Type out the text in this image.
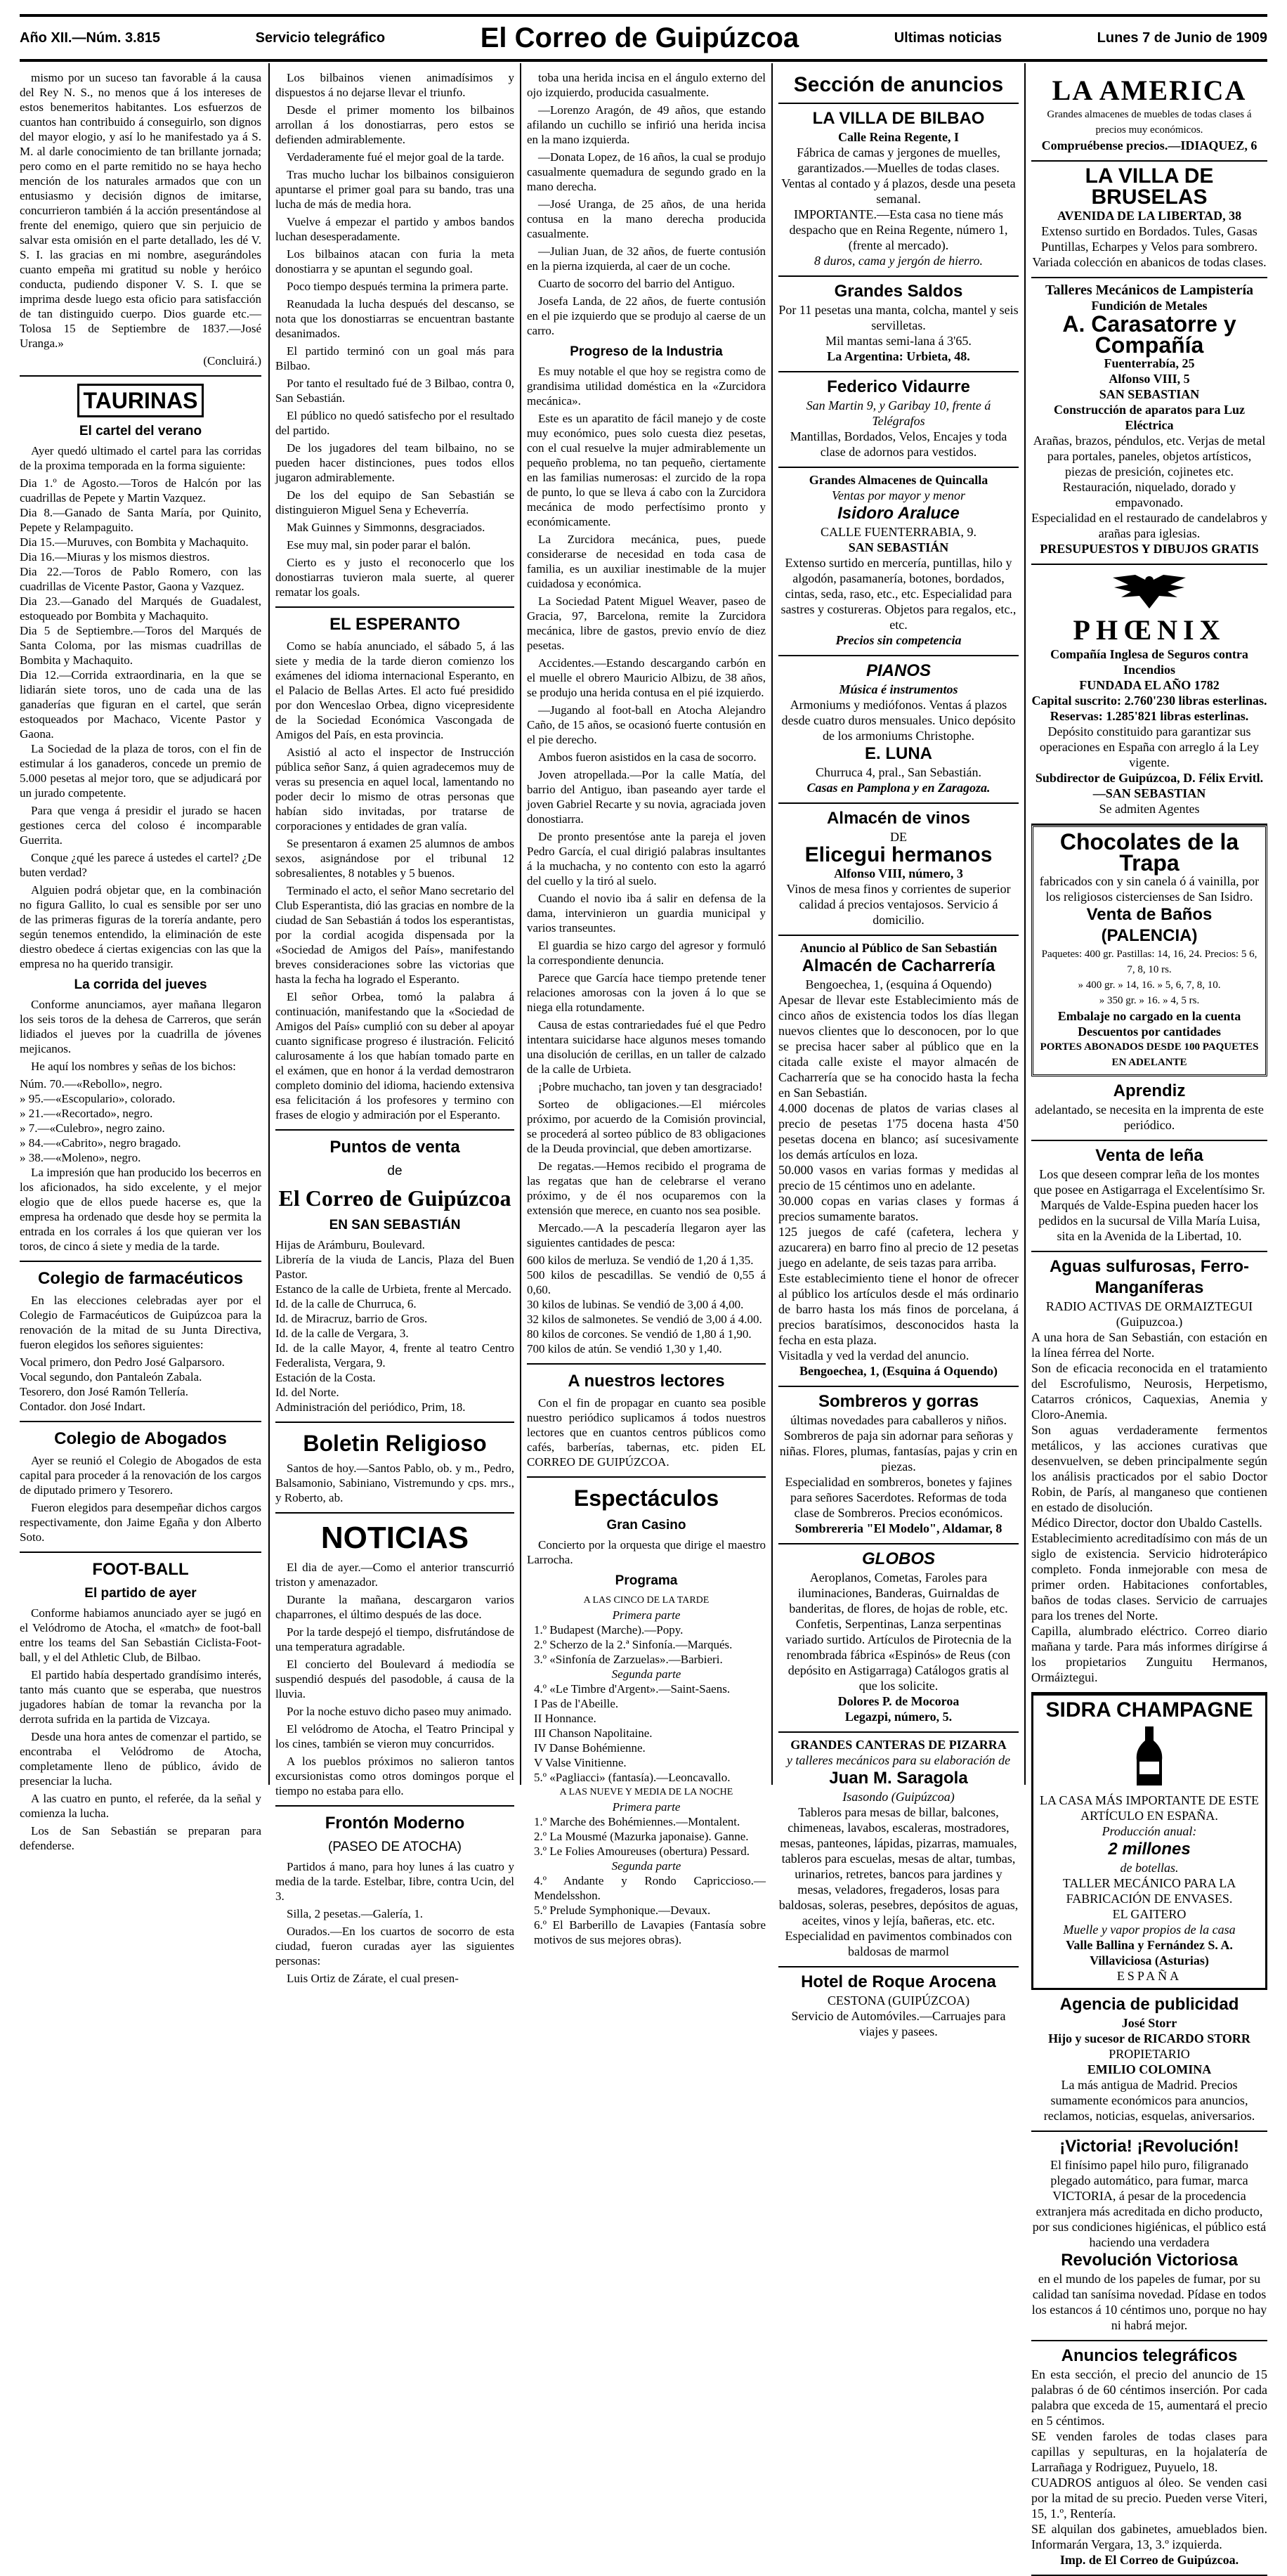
Año XII.—Núm. 3.815	Servicio telegráfico	El Correo de Guipúzcoa	Ultimas noticias	Lunes 7 de Junio de 1909

mismo por un suceso tan favorable á la causa del Rey N. S., no menos que á los intereses de estos benemeritos habitantes. Los esfuerzos de cuantos han contribuido á conseguirlo, son dignos del mayor elogio, y así lo he manifestado ya á S. M. al darle conocimiento de tan brillante jornada; pero como en el parte remitido no se haya hecho mención de los naturales armados que con un entusiasmo y decisión dignos de imitarse, concurrieron también á la acción presentándose al frente del enemigo, quiero que sin perjuicio de salvar esta omisión en el parte detallado, les dé V. S. I. las gracias en mi nombre, asegurándoles cuanto empeña mi gratitud su noble y heróico conducta, pudiendo disponer V. S. I. que se imprima desde luego esta oficio para satisfacción de tan distinguido cuerpo. Dios guarde etc.—Tolosa 15 de Septiembre de 1837.—José Uranga.»

(Concluirá.)

TAURINAS
El cartel del verano

Ayer quedó ultimado el cartel para las corridas de la proxima temporada en la forma siguiente:

Dia 1.º de Agosto.—Toros de Halcón por las cuadrillas de Pepete y Martin Vazquez.
Dia 8.—Ganado de Santa María, por Quinito, Pepete y Relampaguito.
Dia 15.—Muruves, con Bombita y Machaquito.
Dia 16.—Miuras y los mismos diestros.
Dia 22.—Toros de Pablo Romero, con las cuadrillas de Vicente Pastor, Gaona y Vazquez.
Dia 23.—Ganado del Marqués de Guadalest, estoqueado por Bombita y Machaquito.
Dia 5 de Septiembre.—Toros del Marqués de Santa Coloma, por las mismas cuadrillas de Bombita y Machaquito.
Dia 12.—Corrida extraordinaria, en la que se lidiarán siete toros, uno de cada una de las ganaderías que figuran en el cartel, que serán estoqueados por Machaco, Vicente Pastor y Gaona.

La Sociedad de la plaza de toros, con el fin de estimular á los ganaderos, concede un premio de 5.000 pesetas al mejor toro, que se adjudicará por un jurado competente.

Para que venga á presidir el jurado se hacen gestiones cerca del coloso é incomparable Guerrita.

Conque ¿qué les parece á ustedes el cartel? ¿De buten verdad?

Alguien podrá objetar que, en la combinación no figura Gallito, lo cual es sensible por ser uno de las primeras figuras de la torería andante, pero según tenemos entendido, la eliminación de este diestro obedece á ciertas exigencias con las que la empresa no ha querido transigir.

La corrida del jueves

Conforme anunciamos, ayer mañana llegaron los seis toros de la dehesa de Carreros, que serán lidiados el jueves por la cuadrilla de jóvenes mejicanos.

He aquí los nombres y señas de los bichos:

Núm. 70.—«Rebollo», negro.
» 95.—«Escopulario», colorado.
» 21.—«Recortado», negro.
» 7.—«Culebro», negro zaino.
» 84.—«Cabrito», negro bragado.
» 38.—«Moleno», negro.

La impresión que han producido los becerros en los aficionados, ha sido excelente, y el mejor elogio que de ellos puede hacerse es, que la empresa ha ordenado que desde hoy se permita la entrada en los corrales á los que quieran ver los toros, de cinco á siete y media de la tarde.

Colegio de farmacéuticos

En las elecciones celebradas ayer por el Colegio de Farmacéuticos de Guipúzcoa para la renovación de la mitad de su Junta Directiva, fueron elegidos los señores siguientes:

Vocal primero, don Pedro José Galparsoro.
Vocal segundo, don Pantaleón Zabala.
Tesorero, don José Ramón Tellería.
Contador. don José Indart.
Colegio de Abogados

Ayer se reunió el Colegio de Abogados de esta capital para proceder á la renovación de los cargos de diputado primero y Tesorero.

Fueron elegidos para desempeñar dichos cargos respectivamente, don Jaime Egaña y don Alberto Soto.

FOOT-BALL
El partido de ayer

Conforme habiamos anunciado ayer se jugó en el Velódromo de Atocha, el «match» de foot-ball entre los teams del San Sebastián Ciclista-Foot-ball, y el del Athletic Club, de Bilbao.

El partido había despertado grandísimo interés, tanto más cuanto que se esperaba, que nuestros jugadores habían de tomar la revancha por la derrota sufrida en la partida de Vizcaya.

Desde una hora antes de comenzar el partido, se encontraba el Velódromo de Atocha, completamente lleno de público, ávido de presenciar la lucha.

A las cuatro en punto, el referée, da la señal y comienza la lucha.

Los de San Sebastián se preparan para defenderse.

Los bilbainos vienen animadísimos y dispuestos á no dejarse llevar el triunfo.

Desde el primer momento los bilbainos arrollan á los donostiarras, pero estos se defienden admirablemente.

Verdaderamente fué el mejor goal de la tarde.

Tras mucho luchar los bilbainos consiguieron apuntarse el primer goal para su bando, tras una lucha de más de media hora.

Vuelve á empezar el partido y ambos bandos luchan desesperadamente.

Los bilbainos atacan con furia la meta donostiarra y se apuntan el segundo goal.

Poco tiempo después termina la primera parte.

Reanudada la lucha después del descanso, se nota que los donostiarras se encuentran bastante desanimados.

El partido terminó con un goal más para Bilbao.

Por tanto el resultado fué de 3 Bilbao, contra 0, San Sebastián.

El público no quedó satisfecho por el resultado del partido.

De los jugadores del team bilbaino, no se pueden hacer distinciones, pues todos ellos jugaron admirablemente.

De los del equipo de San Sebastián se distinguieron Miguel Sena y Echeverría.

Mak Guinnes y Simmonns, desgraciados.

Ese muy mal, sin poder parar el balón.

Cierto es y justo el reconocerlo que los donostiarras tuvieron mala suerte, al querer rematar los goals.

EL ESPERANTO

Como se había anunciado, el sábado 5, á las siete y media de la tarde dieron comienzo los exámenes del idioma internacional Esperanto, en el Palacio de Bellas Artes. El acto fué presidido por don Wenceslao Orbea, digno vicepresidente de la Sociedad Económica Vascongada de Amigos del País, en esta provincia.

Asistió al acto el inspector de Instrucción pública señor Sanz, á quien agradecemos muy de veras su presencia en aquel local, lamentando no poder decir lo mismo de otras personas que habían sido invitadas, por tratarse de corporaciones y entidades de gran valía.

Se presentaron á examen 25 alumnos de ambos sexos, asignándose por el tribunal 12 sobresalientes, 8 notables y 5 buenos.

Terminado el acto, el señor Mano secretario del Club Esperantista, dió las gracias en nombre de la ciudad de San Sebastián á todos los esperantistas, por la cordial acogida dispensada por la «Sociedad de Amigos del País», manifestando breves consideraciones sobre las victorias que hasta la fecha ha logrado el Esperanto.

El señor Orbea, tomó la palabra á continuación, manifestando que la «Sociedad de Amigos del País» cumplió con su deber al apoyar cuanto significase progreso é ilustración. Felicitó calurosamente á los que habían tomado parte en el exámen, que en honor á la verdad demostraron completo dominio del idioma, haciendo extensiva esa felicitación á los profesores y termino con frases de elogio y admiración por el Esperanto.

Puntos de venta
de
El Correo de Guipúzcoa
EN SAN SEBASTIÁN
Hijas de Arámburu, Boulevard.
Librería de la viuda de Lancis, Plaza del Buen Pastor.
Estanco de la calle de Urbieta, frente al Mercado.
Id. de la calle de Churruca, 6.
Id. de Miracruz, barrio de Gros.
Id. de la calle de Vergara, 3.
Id. de la calle Mayor, 4, frente al teatro Centro Federalista, Vergara, 9.
Estación de la Costa.
Id. del Norte.
Administración del periódico, Prim, 18.
Boletin Religioso

Santos de hoy.—Santos Pablo, ob. y m., Pedro, Balsamonio, Sabiniano, Vistremundo y cps. mrs., y Roberto, ab.

NOTICIAS

El dia de ayer.—Como el anterior transcurrió triston y amenazador.

Durante la mañana, descargaron varios chaparrones, el último después de las doce.

Por la tarde despejó el tiempo, disfrutándose de una temperatura agradable.

El concierto del Boulevard á mediodía se suspendió después del pasodoble, á causa de la lluvia.

Por la noche estuvo dicho paseo muy animado.

El velódromo de Atocha, el Teatro Principal y los cines, también se vieron muy concurridos.

A los pueblos próximos no salieron tantos excursionistas como otros domingos porque el tiempo no estaba para ello.

Frontón Moderno
(PASEO DE ATOCHA)

Partidos á mano, para hoy lunes á las cuatro y media de la tarde. Estelbar, Iibre, contra Ucin, del 3.

Silla, 2 pesetas.—Galería, 1.

Ourados.—En los cuartos de socorro de esta ciudad, fueron curadas ayer las siguientes personas:

Luis Ortiz de Zárate, el cual presen-

toba una herida incisa en el ángulo externo del ojo izquierdo, producida casualmente.

—Lorenzo Aragón, de 49 años, que estando afilando un cuchillo se infirió una herida incisa en la mano izquierda.

—Donata Lopez, de 16 años, la cual se produjo casualmente quemadura de segundo grado en la mano derecha.

—José Uranga, de 25 años, de una herida contusa en la mano derecha producida casualmente.

—Julian Juan, de 32 años, de fuerte contusión en la pierna izquierda, al caer de un coche.

Cuarto de socorro del barrio del Antiguo.

Josefa Landa, de 22 años, de fuerte contusión en el pie izquierdo que se produjo al caerse de un carro.

Progreso de la Industria

Es muy notable el que hoy se registra como de grandisima utilidad doméstica en la «Zurcidora mecánica».

Este es un aparatito de fácil manejo y de coste muy económico, pues solo cuesta diez pesetas, con el cual resuelve la mujer admirablemente un pequeño problema, no tan pequeño, ciertamente en las familias numerosas: el zurcido de la ropa de punto, lo que se lleva á cabo con la Zurcidora mecánica de modo perfectísimo pronto y económicamente.

La Zurcidora mecánica, pues, puede considerarse de necesidad en toda casa de familia, es un auxiliar inestimable de la mujer cuidadosa y económica.

La Sociedad Patent Miguel Weaver, paseo de Gracia, 97, Barcelona, remite la Zurcidora mecánica, libre de gastos, previo envío de diez pesetas.

Accidentes.—Estando descargando carbón en el muelle el obrero Mauricio Albizu, de 38 años, se produjo una herida contusa en el pié izquierdo.

—Jugando al foot-ball en Atocha Alejandro Caño, de 15 años, se ocasionó fuerte contusión en el pie derecho.

Ambos fueron asistidos en la casa de socorro.

Joven atropellada.—Por la calle Matía, del barrio del Antiguo, iban paseando ayer tarde el joven Gabriel Recarte y su novia, agraciada joven donostiarra.

De pronto presentóse ante la pareja el joven Pedro García, el cual dirigió palabras insultantes á la muchacha, y no contento con esto la agarró del cuello y la tiró al suelo.

Cuando el novio iba á salir en defensa de la dama, intervinieron un guardia municipal y varios transeuntes.

El guardia se hizo cargo del agresor y formuló la correspondiente denuncia.

Parece que García hace tiempo pretende tener relaciones amorosas con la joven á lo que se niega ella rotundamente.

Causa de estas contrariedades fué el que Pedro intentara suicidarse hace algunos meses tomando una disolución de cerillas, en un taller de calzado de la calle de Urbieta.

¡Pobre muchacho, tan joven y tan desgraciado!

Sorteo de obligaciones.—El miércoles próximo, por acuerdo de la Comisión provincial, se procederá al sorteo público de 83 obligaciones de la Deuda provincial, que deben amortizarse.

De regatas.—Hemos recibido el programa de las regatas que han de celebrarse el verano próximo, y de él nos ocuparemos con la extensión que merece, en cuanto nos sea posible.

Mercado.—A la pescadería llegaron ayer las siguientes cantidades de pesca:

600 kilos de merluza. Se vendió de 1,20 á 1,35.
500 kilos de pescadillas. Se vendió de 0,55 á 0,60.
30 kilos de lubinas. Se vendió de 3,00 á 4,00.
32 kilos de salmonetes. Se vendió de 3,00 á 4.00.
80 kilos de corcones. Se vendió de 1,80 á 1,90.
700 kilos de atún. Se vendió 1,30 y 1,40.
A nuestros lectores

Con el fin de propagar en cuanto sea posible nuestro periódico suplicamos á todos nuestros lectores que en cuantos centros públicos como cafés, barberías, tabernas, etc. piden EL CORREO DE GUIPÚZCOA.

Espectáculos
Gran Casino

Concierto por la orquesta que dirige el maestro Larrocha.

Programa
A LAS CINCO DE LA TARDE
Primera parte
1.º Budapest (Marche).—Popy.
2.º Scherzo de la 2.ª Sinfonía.—Marqués.
3.º «Sinfonía de Zarzuelas».—Barbieri.
Segunda parte
4.º «Le Timbre d'Argent».—Saint-Saens.
I Pas de l'Abeille.
II Honnance.
III Chanson Napolitaine.
IV Danse Bohémienne.
V Valse Vinitienne.
5.º «Pagliacci» (fantasía).—Leoncavallo.
A LAS NUEVE Y MEDIA DE LA NOCHE
Primera parte
1.º Marche des Bohémiennes.—Montalent.
2.º La Mousmé (Mazurka japonaise). Ganne.
3.º Le Folies Amoureuses (obertura) Pessard.
Segunda parte
4.º Andante y Rondo Capriccioso.—Mendelsshon.
5.º Prelude Symphonique.—Devaux.
6.º El Barberillo de Lavapies (Fantasía sobre motivos de sus mejores obras).
Sección de anuncios
LA VILLA DE BILBAO
Calle Reina Regente, I
Fábrica de camas y jergones de muelles, garantizados.—Muelles de todas clases.
Ventas al contado y á plazos, desde una peseta semanal.
IMPORTANTE.—Esta casa no tiene más despacho que en Reina Regente, número 1, (frente al mercado).
8 duros, cama y jergón de hierro.
Grandes Saldos
Por 11 pesetas una manta, colcha, mantel y seis servilletas.
Mil mantas semi-lana á 3'65.
La Argentina: Urbieta, 48.
Federico Vidaurre
San Martin 9, y Garibay 10, frente á Telégrafos
Mantillas, Bordados, Velos, Encajes y toda clase de adornos para vestidos.
Grandes Almacenes de Quincalla
Ventas por mayor y menor
Isidoro Araluce
CALLE FUENTERRABIA, 9.
SAN SEBASTIÁN
Extenso surtido en mercería, puntillas, hilo y algodón, pasamanería, botones, bordados, cintas, seda, raso, etc., etc. Especialidad para sastres y costureras. Objetos para regalos, etc., etc.
Precios sin competencia
PIANOS
Música é instrumentos
Armoniums y mediófonos. Ventas á plazos desde cuatro duros mensuales. Unico depósito de los armoniums Christophe.
E. LUNA
Churruca 4, pral., San Sebastián.
Casas en Pamplona y en Zaragoza.
Almacén de vinos
DE
Elicegui hermanos
Alfonso VIII, número, 3
Vinos de mesa finos y corrientes de superior calidad á precios ventajosos. Servicio á domicilio.
Anuncio al Público de San Sebastián
Almacén de Cacharrería
Bengoechea, 1, (esquina á Oquendo)
Apesar de llevar este Establecimiento más de cinco años de existencia todos los días llegan nuevos clientes que lo desconocen, por lo que se precisa hacer saber al público que en la citada calle existe el mayor almacén de Cacharrería que se ha conocido hasta la fecha en San Sebastián.
4.000 docenas de platos de varias clases al precio de pesetas 1'75 docena hasta 4'50 pesetas docena en blanco; así sucesivamente los demás artículos en loza.
50.000 vasos en varias formas y medidas al precio de 15 céntimos uno en adelante.
30.000 copas en varias clases y formas á precios sumamente baratos.
125 juegos de café (cafetera, lechera y azucarera) en barro fino al precio de 12 pesetas juego en adelante, de seis tazas para arriba.
Este establecimiento tiene el honor de ofrecer al público los artículos desde el más ordinario de barro hasta los más finos de porcelana, á precios baratísimos, desconocidos hasta la fecha en esta plaza.
Visitadla y ved la verdad del anuncio.
Bengoechea, 1, (Esquina á Oquendo)
Sombreros y gorras
últimas novedades para caballeros y niños. Sombreros de paja sin adornar para señoras y niñas. Flores, plumas, fantasías, pajas y crin en piezas.
Especialidad en sombreros, bonetes y fajines para señores Sacerdotes. Reformas de toda clase de Sombreros. Precios económicos.
Sombrereria "El Modelo", Aldamar, 8
GLOBOS
Aeroplanos, Cometas, Faroles para iluminaciones, Banderas, Guirnaldas de banderitas, de flores, de hojas de roble, etc. Confetis, Serpentinas, Lanza serpentinas variado surtido. Artículos de Pirotecnia de la renombrada fábrica «Espinós» de Reus (con depósito en Astigarraga) Catálogos gratis al que los solicite.
Dolores P. de Mocoroa
Legazpi, número, 5.
GRANDES CANTERAS DE PIZARRA
y talleres mecánicos para su elaboración de
Juan M. Saragola
Isasondo (Guipúzcoa)
Tableros para mesas de billar, balcones, chimeneas, lavabos, escaleras, mostradores, mesas, panteones, lápidas, pizarras, mamuales, tableros para escuelas, mesas de altar, tumbas, urinarios, retretes, bancos para jardines y mesas, veladores, fregaderos, losas para baldosas, soleras, pesebres, depósitos de aguas, aceites, vinos y lejía, bañeras, etc. etc. Especialidad en pavimentos combinados con baldosas de marmol
Hotel de Roque Arocena
CESTONA (GUIPÚZCOA)
Servicio de Automóviles.—Carruajes para viajes y pasees.
LA AMERICA
Grandes almacenes de muebles de todas clases á precios muy económicos.
Compruébense precios.—IDIAQUEZ, 6
LA VILLA DE BRUSELAS
AVENIDA DE LA LIBERTAD, 38
Extenso surtido en Bordados. Tules, Gasas Puntillas, Echarpes y Velos para sombrero.
Variada colección en abanicos de todas clases.
Talleres Mecánicos de Lampistería
Fundición de Metales
A. Carasatorre y Compañía
Fuenterrabía, 25
Alfonso VIII, 5
SAN SEBASTIAN
Construcción de aparatos para Luz Eléctrica
Arañas, brazos, péndulos, etc. Verjas de metal para portales, paneles, objetos artísticos, piezas de presición, cojinetes etc.
Restauración, niquelado, dorado y empavonado.
Especialidad en el restaurado de candelabros y arañas para iglesias.
PRESUPUESTOS Y DIBUJOS GRATIS
PHŒNIX
Compañía Inglesa de Seguros contra Incendios
FUNDADA EL AÑO 1782
Capital suscrito: 2.760'230 libras esterlinas.
Reservas: 1.285'821 libras esterlinas.
Depósito constituido para garantizar sus operaciones en España con arreglo á la Ley vigente.
Subdirector de Guipúzcoa, D. Félix Ervitl.—SAN SEBASTIAN
Se admiten Agentes
Chocolates de la Trapa
fabricados con y sin canela ó á vainilla, por los religiosos cistercienses de San Isidro.
Venta de Baños (PALENCIA)
Paquetes: 400 gr. Pastillas: 14, 16, 24. Precios: 5 6, 7, 8, 10 rs.
» 400 gr. » 14, 16. » 5, 6, 7, 8, 10.
» 350 gr. » 16. » 4, 5 rs.
Embalaje no cargado en la cuenta
Descuentos por cantidades
PORTES ABONADOS DESDE 100 PAQUETES EN ADELANTE
Aprendiz
adelantado, se necesita en la imprenta de este periódico.
Venta de leña
Los que deseen comprar leña de los montes que posee en Astigarraga el Excelentísimo Sr. Marqués de Valde-Espina pueden hacer los pedidos en la sucursal de Villa María Luisa, sita en la Avenida de la Libertad, 10.
Aguas sulfurosas, Ferro-Manganíferas
RADIO ACTIVAS DE ORMAIZTEGUI
(Guipuzcoa.)
A una hora de San Sebastián, con estación en la línea férrea del Norte.
Son de eficacia reconocida en el tratamiento del Escrofulismo, Neurosis, Herpetismo, Catarros crónicos, Caquexias, Anemia y Cloro-Anemia.
Son aguas verdaderamente fermentos metálicos, y las acciones curativas que desenvuelven, se deben principalmente según los análisis practicados por el sabio Doctor Robin, de París, al manganeso que contienen en estado de disolución.
Médico Director, doctor don Ubaldo Castells.
Establecimiento acreditadísimo con más de un siglo de existencia. Servicio hidroterápico completo. Fonda inmejorable con mesa de primer orden. Habitaciones confortables, baños de todas clases. Servicio de carruajes para los trenes del Norte.
Capilla, alumbrado eléctrico. Correo diario mañana y tarde. Para más informes dirígirse á los propietarios Zunguitu Hermanos, Ormáiztegui.
SIDRA CHAMPAGNE
LA CASA MÁS IMPORTANTE DE ESTE ARTÍCULO EN ESPAÑA.
Producción anual:
2 millones
de botellas.
TALLER MECÁNICO PARA LA FABRICACIÓN DE ENVASES.
EL GAITERO
Muelle y vapor propios de la casa
Valle Ballina y Fernández S. A.
Villaviciosa (Asturias)
ESPAÑA
Agencia de publicidad
José Storr
Hijo y sucesor de RICARDO STORR
PROPIETARIO
EMILIO COLOMINA
La más antigua de Madrid. Precios sumamente económicos para anuncios, reclamos, noticias, esquelas, aniversarios.
¡Victoria! ¡Revolución!
El finísimo papel hilo puro, filigranado plegado automático, para fumar, marca VICTORIA, á pesar de la procedencia extranjera más acreditada en dicho producto, por sus condiciones higiénicas, el público está haciendo una verdadera
Revolución Victoriosa
en el mundo de los papeles de fumar, por su calidad tan sanísima novedad. Pídase en todos los estancos á 10 céntimos uno, porque no hay ni habrá mejor.
Anuncios telegráficos
En esta sección, el precio del anuncio de 15 palabras ó de 60 céntimos inserción. Por cada palabra que exceda de 15, aumentará el precio en 5 céntimos.
SE venden faroles de todas clases para capillas y sepulturas, en la hojalatería de Larrañaga y Rodriguez, Puyuelo, 18.
CUADROS antiguos al óleo. Se venden casi por la mitad de su precio. Pueden verse Viteri, 15, 1.º, Rentería.
SE alquilan dos gabinetes, amueblados bien. Informarán Vergara, 13, 3.º izquierda.
Imp. de El Correo de Guipúzcoa.
